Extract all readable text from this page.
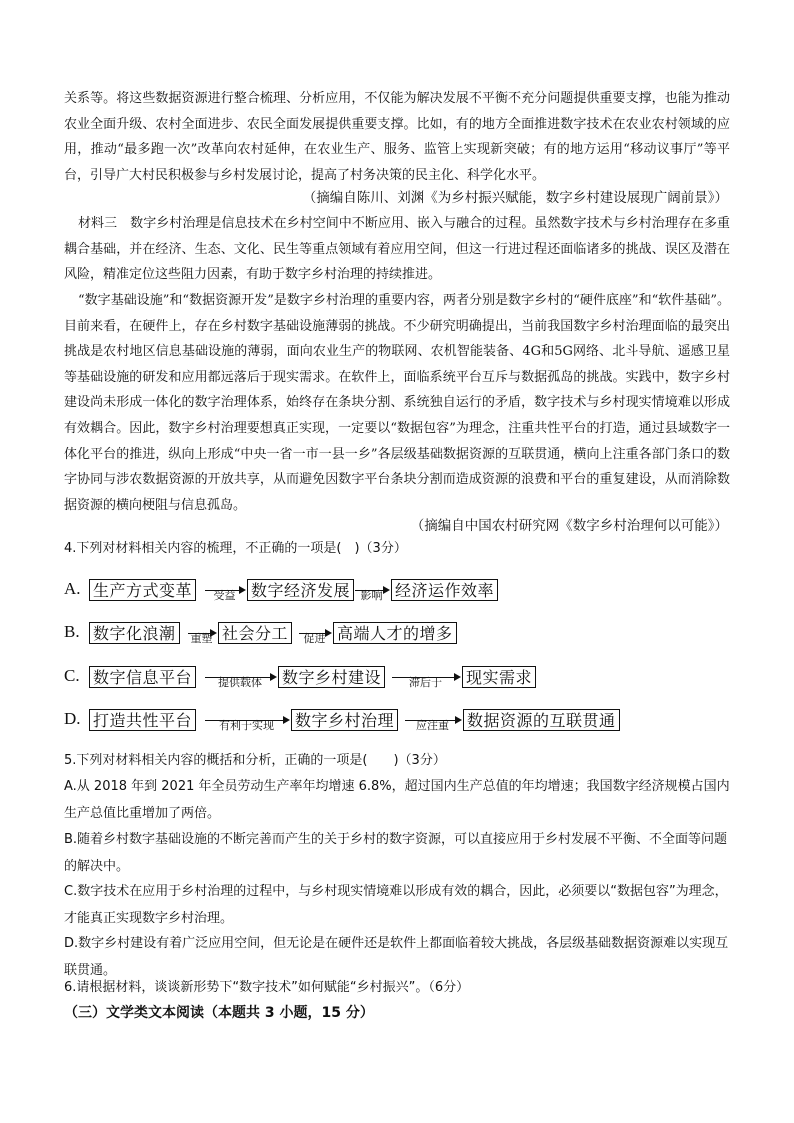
关系等。将这些数据资源进行整合梳理、分析应用，不仅能为解决发展不平衡不充分问题提供重要支撑，也能为推动农业全面升级、农村全面进步、农民全面发展提供重要支撑。比如，有的地方全面推进数字技术在农业农村领域的应用，推动“最多跑一次”改革向农村延伸，在农业生产、服务、监管上实现新突破；有的地方运用“移动议事厅”等平台，引导广大村民积极参与乡村发展讨论，提高了村务决策的民主化、科学化水平。

（摘编自陈川、刘渊《为乡村振兴赋能，数字乡村建设展现广阔前景》）

材料三　数字乡村治理是信息技术在乡村空间中不断应用、嵌入与融合的过程。虽然数字技术与乡村治理存在多重耦合基础，并在经济、生态、文化、民生等重点领域有着应用空间，但这一行进过程还面临诸多的挑战、误区及潜在风险，精准定位这些阻力因素，有助于数字乡村治理的持续推进。

“数字基础设施”和“数据资源开发”是数字乡村治理的重要内容，两者分别是数字乡村的“硬件底座”和“软件基础”。目前来看，在硬件上，存在乡村数字基础设施薄弱的挑战。不少研究明确提出，当前我国数字乡村治理面临的最突出挑战是农村地区信息基础设施的薄弱，面向农业生产的物联网、农机智能装备、4G和5G网络、北斗导航、遥感卫星等基础设施的研发和应用都远落后于现实需求。在软件上，面临系统平台互斥与数据孤岛的挑战。实践中，数字乡村建设尚未形成一体化的数字治理体系，始终存在条块分割、系统独自运行的矛盾，数字技术与乡村现实情境难以形成有效耦合。因此，数字乡村治理要想真正实现，一定要以“数据包容”为理念，注重共性平台的打造，通过县域数字一体化平台的推进，纵向上形成“中央一省一市一县一乡”各层级基础数据资源的互联贯通，横向上注重各部门条口的数字协同与涉农数据资源的开放共享，从而避免因数字平台条块分割而造成资源的浪费和平台的重复建设，从而消除数据资源的横向梗阻与信息孤岛。

（摘编自中国农村研究网《数字乡村治理何以可能》）

4.下列对材料相关内容的梳理，不正确的一项是(　)（3分）

A. 生产方式变革	受益 数字经济发展 影响 经济运作效率
B. 数字化浪潮	重塑 社会分工	促进 高端人才的增多
C. 数字信息平台	提供载体	数字乡村建设	滞后于	现实需求
D. 打造共性平台	有利于实现	数字乡村治理	应注重	数据资源的互联贯通

5.下列对材料相关内容的概括和分析，正确的一项是(　　)（3分）

A.从 2018 年到 2021 年全员劳动生产率年均增速 6.8%，超过国内生产总值的年均增速；我国数字经济规模占国内生产总值比重增加了两倍。

B.随着乡村数字基础设施的不断完善而产生的关于乡村的数字资源，可以直接应用于乡村发展不平衡、不全面等问题的解决中。

C.数字技术在应用于乡村治理的过程中，与乡村现实情境难以形成有效的耦合，因此，必须要以“数据包容”为理念，才能真正实现数字乡村治理。

D.数字乡村建设有着广泛应用空间，但无论是在硬件还是软件上都面临着较大挑战，各层级基础数据资源难以实现互联贯通。

6.请根据材料，谈谈新形势下“数字技术”如何赋能“乡村振兴”。（6分）

（三）文学类文本阅读（本题共 3 小题，15 分）
